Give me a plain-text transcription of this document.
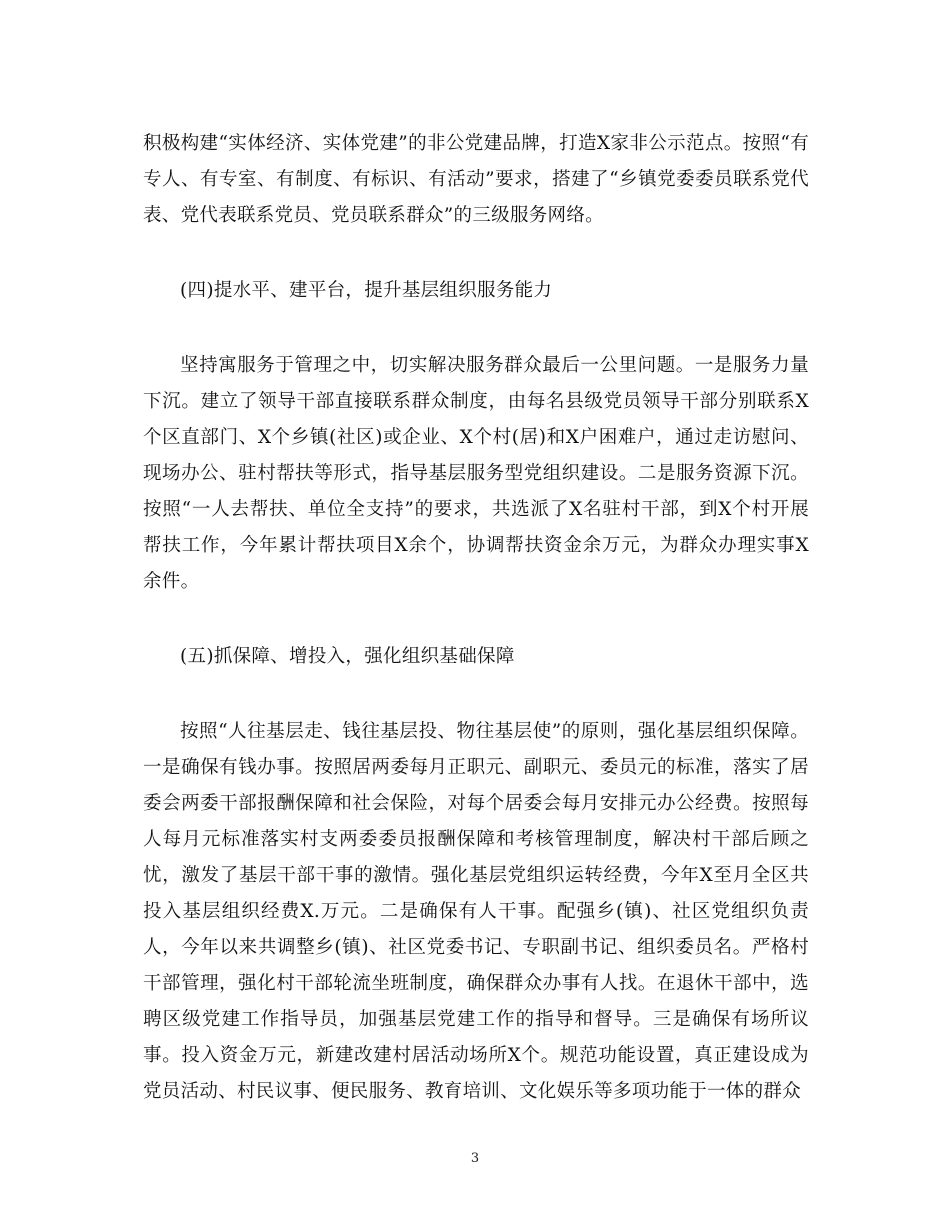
积极构建“实体经济、实体党建”的非公党建品牌，打造X家非公示范点。按照“有专人、有专室、有制度、有标识、有活动”要求，搭建了“乡镇党委委员联系党代表、党代表联系党员、党员联系群众”的三级服务网络。

(四)提水平、建平台，提升基层组织服务能力

坚持寓服务于管理之中，切实解决服务群众最后一公里问题。一是服务力量下沉。建立了领导干部直接联系群众制度，由每名县级党员领导干部分别联系X个区直部门、X个乡镇(社区)或企业、X个村(居)和X户困难户，通过走访慰问、现场办公、驻村帮扶等形式，指导基层服务型党组织建设。二是服务资源下沉。按照“一人去帮扶、单位全支持”的要求，共选派了X名驻村干部，到X个村开展帮扶工作，今年累计帮扶项目X余个，协调帮扶资金余万元，为群众办理实事X余件。

(五)抓保障、增投入，强化组织基础保障

按照“人往基层走、钱往基层投、物往基层使”的原则，强化基层组织保障。一是确保有钱办事。按照居两委每月正职元、副职元、委员元的标准，落实了居委会两委干部报酬保障和社会保险，对每个居委会每月安排元办公经费。按照每人每月元标准落实村支两委委员报酬保障和考核管理制度，解决村干部后顾之忧，激发了基层干部干事的激情。强化基层党组织运转经费，今年X至月全区共投入基层组织经费X.万元。二是确保有人干事。配强乡(镇)、社区党组织负责人，今年以来共调整乡(镇)、社区党委书记、专职副书记、组织委员名。严格村干部管理，强化村干部轮流坐班制度，确保群众办事有人找。在退休干部中，选聘区级党建工作指导员，加强基层党建工作的指导和督导。三是确保有场所议事。投入资金万元，新建改建村居活动场所X个。规范功能设置，真正建设成为党员活动、村民议事、便民服务、教育培训、文化娱乐等多项功能于一体的群众

3
